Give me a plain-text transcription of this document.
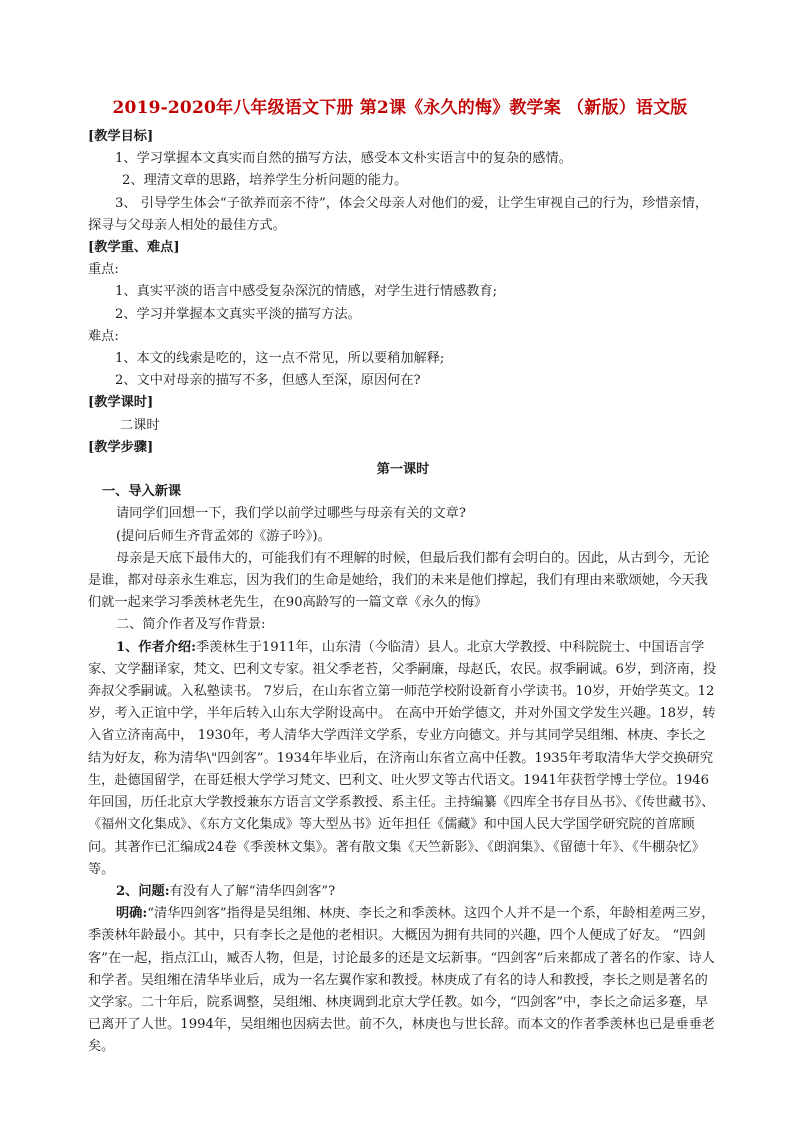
2019-2020年八年级语文下册 第2课《永久的悔》教学案 （新版）语文版

[教学目标]

1、学习掌握本文真实而自然的描写方法，感受本文朴实语言中的复杂的感情。

2、理清文章的思路，培养学生分析问题的能力。

3、 引导学生体会“子欲养而亲不待”，体会父母亲人对他们的爱，让学生审视自己的行为，珍惜亲情，探寻与父母亲人相处的最佳方式。

[教学重、难点]

重点:

1、真实平淡的语言中感受复杂深沉的情感，对学生进行情感教育;

2、学习并掌握本文真实平淡的描写方法。

难点:

1、本文的线索是吃的，这一点不常见，所以要稍加解释;

2、文中对母亲的描写不多，但感人至深，原因何在?

[教学课时]

二课时

[教学步骤]

第一课时

一、导入新课

请同学们回想一下，我们学以前学过哪些与母亲有关的文章?

(提问后师生齐背孟郊的《游子吟》)。

母亲是天底下最伟大的，可能我们有不理解的时候，但最后我们都有会明白的。因此，从古到今，无论是谁，都对母亲永生难忘，因为我们的生命是她给，我们的未来是他们撑起，我们有理由来歌颂她，今天我们就一起来学习季羡林老先生，在90高龄写的一篇文章《永久的悔》

二、简介作者及写作背景:

1、作者介绍:季羡林生于1911年，山东清（今临清）县人。北京大学教授、中科院院士、中国语言学家、文学翻译家，梵文、巴利文专家。祖父季老苔，父季嗣廉，母赵氏，农民。叔季嗣诚。6岁，到济南，投奔叔父季嗣诚。入私塾读书。 7岁后，在山东省立第一师范学校附设新育小学读书。10岁，开始学英文。12 岁，考入正谊中学，半年后转入山东大学附设高中。 在高中开始学德文，并对外国文学发生兴趣。18岁，转入省立济南高中， 1930年，考人清华大学西洋文学系，专业方向德文。并与其同学吴组缃、林庚、李长之结为好友，称为清华\"四剑客”。1934年毕业后，在济南山东省立高中任教。1935年考取清华大学交换研究生，赴德国留学，在哥廷根大学学习梵文、巴利文、吐火罗文等古代语文。1941年获哲学博士学位。1946年回国，历任北京大学教授兼东方语言文学系教授、系主任。主持编纂《四库全书存目丛书》、《传世藏书》、《福州文化集成》、《东方文化集成》等大型丛书》近年担任《儒藏》和中国人民大学国学研究院的首席顾问。其著作已汇编成24卷《季羡林文集》。著有散文集《天竺新影》、《朗润集》、《留德十年》、《牛棚杂忆》等。

2、问题:有没有人了解“清华四剑客”?

明确:“清华四剑客”指得是吴组缃、林庚、李长之和季羡林。这四个人并不是一个系，年龄相差两三岁，季羡林年龄最小。其中，只有李长之是他的老相识。大概因为拥有共同的兴趣，四个人便成了好友。 “四剑客”在一起，指点江山，臧否人物，但是，讨论最多的还是文坛新事。“四剑客”后来都成了著名的作家、诗人和学者。吴组缃在清华毕业后，成为一名左翼作家和教授。林庚成了有名的诗人和教授，李长之则是著名的文学家。二十年后，院系调整，吴组缃、林庚调到北京大学任教。如今，“四剑客”中，李长之命运多蹇，早已离开了人世。1994年，吴组缃也因病去世。前不久，林庚也与世长辞。而本文的作者季羡林也已是垂垂老矣。
